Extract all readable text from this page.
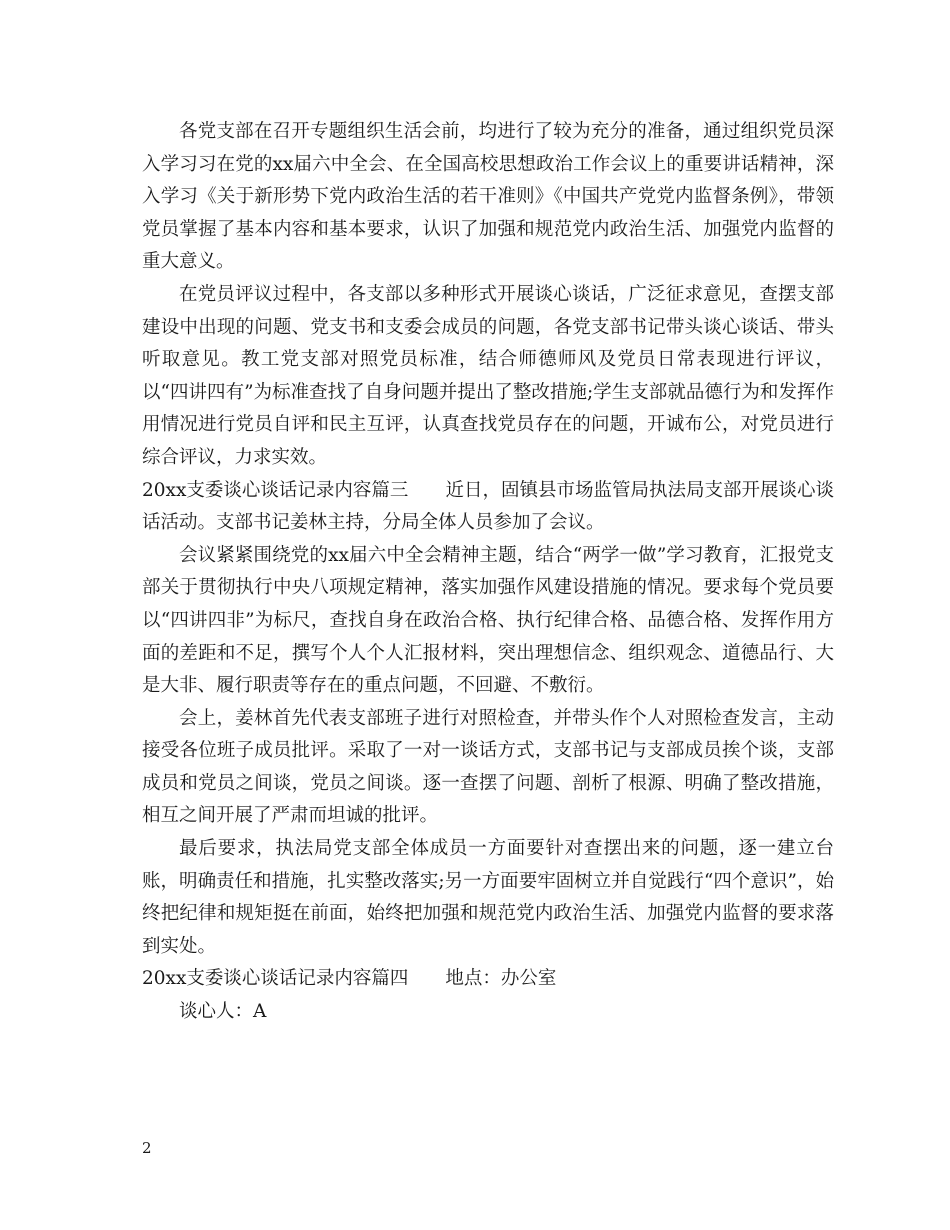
各党支部在召开专题组织生活会前，均进行了较为充分的准备，通过组织党员深入学习习在党的xx届六中全会、在全国高校思想政治工作会议上的重要讲话精神，深入学习《关于新形势下党内政治生活的若干准则》《中国共产党党内监督条例》，带领党员掌握了基本内容和基本要求，认识了加强和规范党内政治生活、加强党内监督的重大意义。

在党员评议过程中，各支部以多种形式开展谈心谈话，广泛征求意见，查摆支部建设中出现的问题、党支书和支委会成员的问题，各党支部书记带头谈心谈话、带头听取意见。教工党支部对照党员标准，结合师德师风及党员日常表现进行评议，以“四讲四有”为标准查找了自身问题并提出了整改措施;学生支部就品德行为和发挥作用情况进行党员自评和民主互评，认真查找党员存在的问题，开诚布公，对党员进行综合评议，力求实效。

20xx支委谈心谈话记录内容篇三　　近日，固镇县市场监管局执法局支部开展谈心谈话活动。支部书记姜林主持，分局全体人员参加了会议。

会议紧紧围绕党的xx届六中全会精神主题，结合“两学一做”学习教育，汇报党支部关于贯彻执行中央八项规定精神，落实加强作风建设措施的情况。要求每个党员要以“四讲四非”为标尺，查找自身在政治合格、执行纪律合格、品德合格、发挥作用方面的差距和不足，撰写个人个人汇报材料，突出理想信念、组织观念、道德品行、大是大非、履行职责等存在的重点问题，不回避、不敷衍。

会上，姜林首先代表支部班子进行对照检查，并带头作个人对照检查发言，主动接受各位班子成员批评。采取了一对一谈话方式，支部书记与支部成员挨个谈，支部成员和党员之间谈，党员之间谈。逐一查摆了问题、剖析了根源、明确了整改措施，相互之间开展了严肃而坦诚的批评。

最后要求，执法局党支部全体成员一方面要针对查摆出来的问题，逐一建立台账，明确责任和措施，扎实整改落实;另一方面要牢固树立并自觉践行“四个意识”，始终把纪律和规矩挺在前面，始终把加强和规范党内政治生活、加强党内监督的要求落到实处。

20xx支委谈心谈话记录内容篇四　　地点：办公室

谈心人：A

2
